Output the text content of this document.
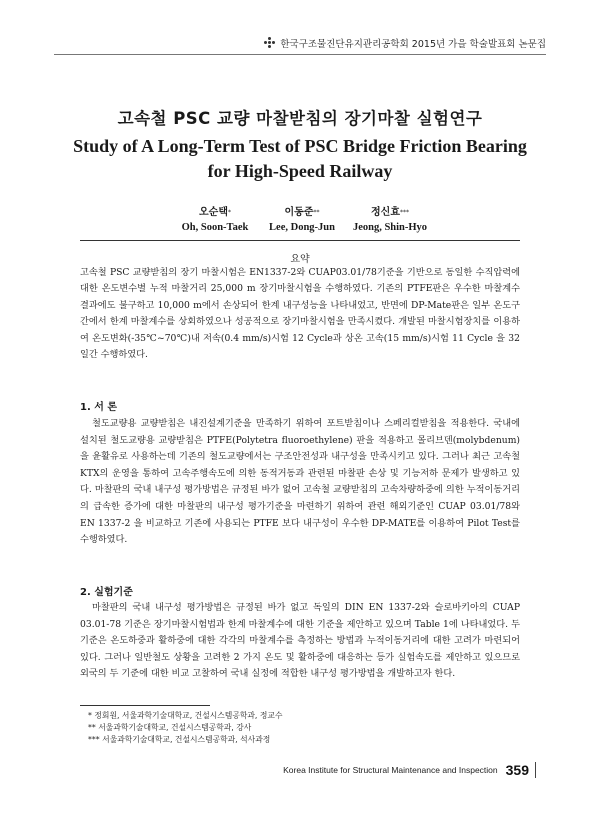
한국구조물진단유지관리공학회 2015년 가을 학술발표회 논문집
고속철 PSC 교량 마찰받침의 장기마찰 실험연구
Study of A Long-Term Test of PSC Bridge Friction Bearing for High-Speed Railway
오순택*
Oh, Soon-Taek
이동준**
Lee, Dong-Jun
정신효***
Jeong, Shin-Hyo
요약
고속철 PSC 교량받침의 장기 마찰시험은 EN1337-2와 CUAP03.01/78기준을 기반으로 동일한 수직압력에 대한 온도변수별 누적 마찰거리 25,000 m 장기마찰시험을 수행하였다. 기존의 PTFE판은 우수한 마찰계수 결과에도 불구하고 10,000 m에서 손상되어 한계 내구성능을 나타내었고, 반면에 DP-Mate판은 일부 온도구간에서 한계 마찰계수를 상회하였으나 성공적으로 장기마찰시험을 만족시켰다. 개발된 마찰시험장치를 이용하여 온도변화(-35℃~70℃)내 저속(0.4 mm/s)시험 12 Cycle과 상온 고속(15 mm/s)시험 11 Cycle 을 32 일간 수행하였다.
1. 서 론
철도교량용 교량받침은 내진설계기준을 만족하기 위하여 포트받침이나 스페리컬받침을 적용한다. 국내에 설치된 철도교량용 교량받침은 PTFE(Polytetra fluoroethylene) 판을 적용하고 몰리브덴(molybdenum)을 윤활유로 사용하는데 기존의 철도교량에서는 구조안전성과 내구성을 만족시키고 있다. 그러나 최근 고속철 KTX의 운영을 통하여 고속주행속도에 의한 동적거동과 관련된 마찰판 손상 및 기능저하 문제가 발생하고 있다. 마찰판의 국내 내구성 평가방법은 규정된 바가 없어 고속철 교량받침의 고속차량하중에 의한 누적이동거리의 급속한 증가에 대한 마찰판의 내구성 평가기준을 마련하기 위하여 관련 해외기준인 CUAP 03.01/78와 EN 1337-2 을 비교하고 기존에 사용되는 PTFE 보다 내구성이 우수한 DP-MATE를 이용하여 Pilot Test를 수행하였다.
2. 실험기준
마찰판의 국내 내구성 평가방법은 규정된 바가 없고 독일의 DIN EN 1337-2와 슬로바키아의 CUAP 03.01-78 기준은 장기마찰시험법과 한계 마찰계수에 대한 기준을 제안하고 있으며 Table 1에 나타내었다. 두 기준은 온도하중과 활하중에 대한 각각의 마찰계수를 측정하는 방법과 누적이동거리에 대한 고려가 마련되어 있다. 그러나 일반철도 상황을 고려한 2 가지 온도 및 활하중에 대응하는 등가 실험속도를 제안하고 있으므로 외국의 두 기준에 대한 비교 고찰하여 국내 실정에 적합한 내구성 평가방법을 개발하고자 한다.
* 정회원, 서울과학기술대학교, 건설시스템공학과, 정교수
** 서울과학기술대학교, 건설시스템공학과, 강사
*** 서울과학기술대학교, 건설시스템공학과, 석사과정
Korea Institute for Structural Maintenance and Inspection 359
